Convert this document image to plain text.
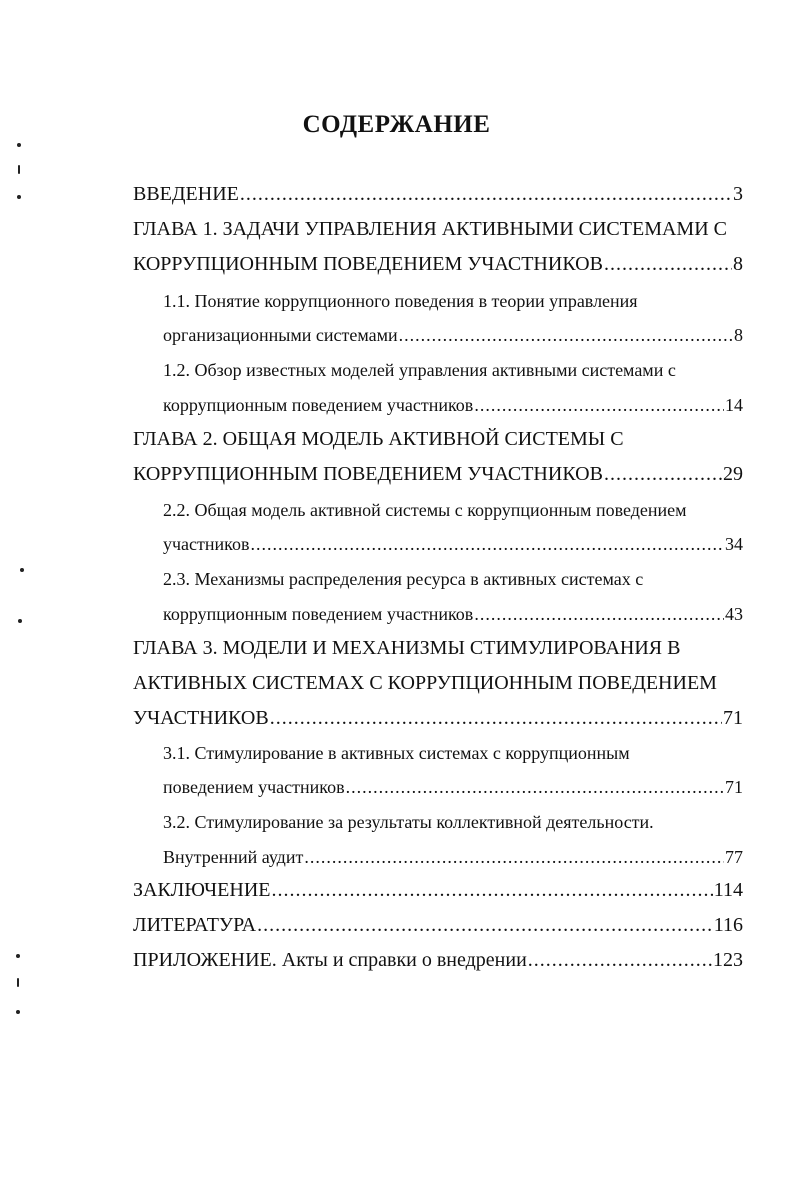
СОДЕРЖАНИЕ
ВВЕДЕНИЕ .....	3
ГЛАВА 1. ЗАДАЧИ УПРАВЛЕНИЯ АКТИВНЫМИ СИСТЕМАМИ С
КОРРУПЦИОННЫМ ПОВЕДЕНИЕМ УЧАСТНИКОВ .....	8
1.1. Понятие коррупционного поведения в теории управления
организационными системами .....	8
1.2. Обзор известных моделей управления активными системами с
коррупционным поведением участников .....	14
ГЛАВА 2. ОБЩАЯ МОДЕЛЬ АКТИВНОЙ СИСТЕМЫ С
КОРРУПЦИОННЫМ ПОВЕДЕНИЕМ УЧАСТНИКОВ .....	29
2.2. Общая модель активной системы с коррупционным поведением
участников .....	34
2.3. Механизмы распределения ресурса в активных системах с
коррупционным поведением участников .....	43
ГЛАВА 3. МОДЕЛИ И МЕХАНИЗМЫ СТИМУЛИРОВАНИЯ В
АКТИВНЫХ СИСТЕМАХ С КОРРУПЦИОННЫМ ПОВЕДЕНИЕМ
УЧАСТНИКОВ .....	71
3.1. Стимулирование в активных системах с коррупционным
поведением участников .....	71
3.2. Стимулирование за результаты коллективной деятельности.
Внутренний аудит .....	77
ЗАКЛЮЧЕНИЕ .....	114
ЛИТЕРАТУРА .....	116
ПРИЛОЖЕНИЕ. Акты и справки о внедрении .....	123
